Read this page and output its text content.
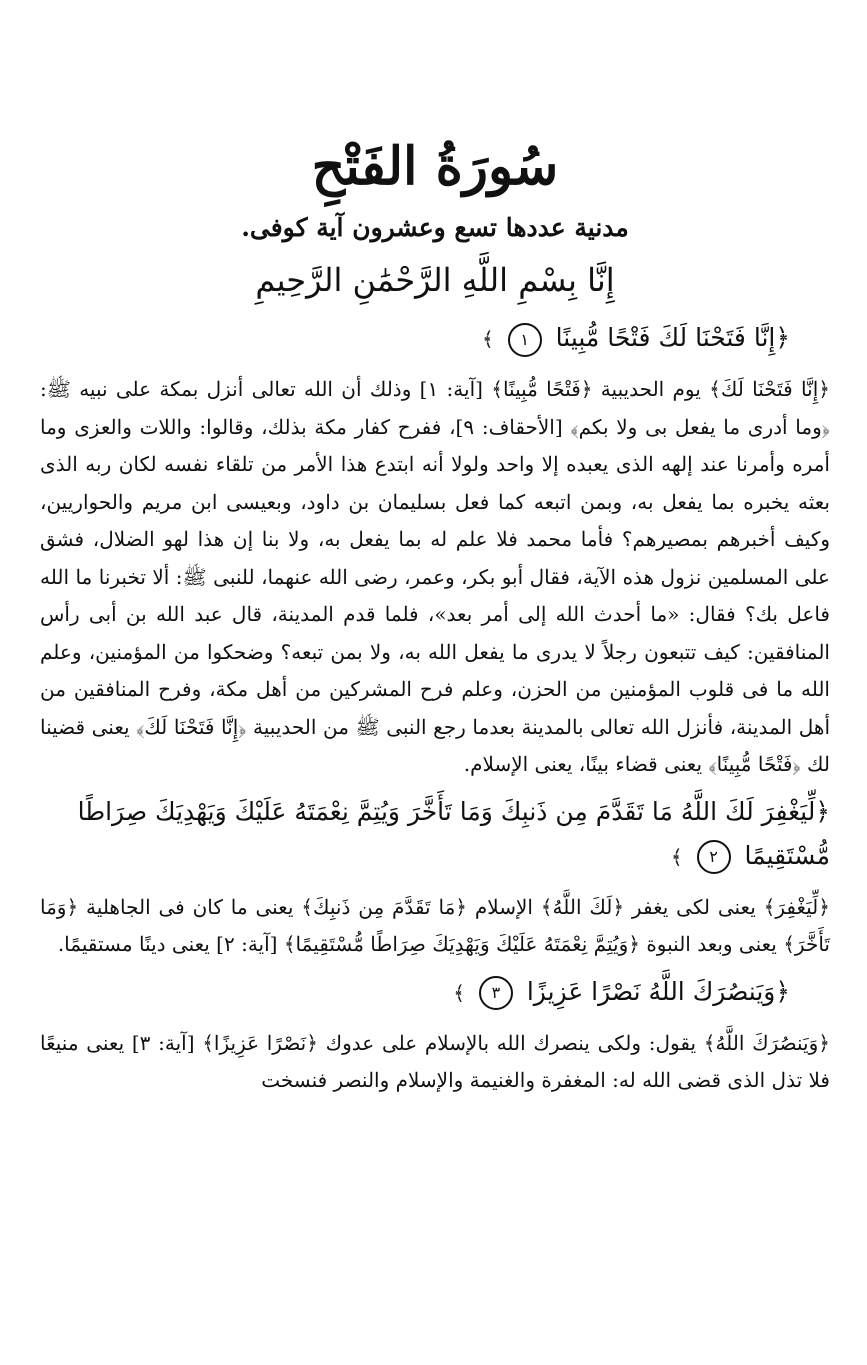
سُورَةُ الفَتْحِ
مدنية عددها تسع وعشرون آية كوفى.
إِنَّا بِسْمِ اللَّهِ الرَّحْمَٰنِ الرَّحِيمِ
﴿إِنَّا فَتَحْنَا لَكَ فَتْحًا مُّبِينًا ١ ﴾

﴿إِنَّا فَتَحْنَا لَكَ﴾ يوم الحديبية ﴿فَتْحًا مُّبِينًا﴾ [آية: ١] وذلك أن الله تعالى أنزل بمكة على نبيه ﷺ: ﴿وما أدرى ما يفعل بى ولا بكم﴾ [الأحقاف: ٩]، ففرح كفار مكة بذلك، وقالوا: واللات والعزى وما أمره وأمرنا عند إلهه الذى يعبده إلا واحد ولولا أنه ابتدع هذا الأمر من تلقاء نفسه لكان ربه الذى بعثه يخبره بما يفعل به، وبمن اتبعه كما فعل بسليمان بن داود، وبعيسى ابن مريم والحواريين، وكيف أخبرهم بمصيرهم؟ فأما محمد فلا علم له بما يفعل به، ولا بنا إن هذا لهو الضلال، فشق على المسلمين نزول هذه الآية، فقال أبو بكر، وعمر، رضى الله عنهما، للنبى ﷺ: ألا تخبرنا ما الله فاعل بك؟ فقال: «ما أحدث الله إلى أمر بعد»، فلما قدم المدينة، قال عبد الله بن أبى رأس المنافقين: كيف تتبعون رجلاً لا يدرى ما يفعل الله به، ولا بمن تبعه؟ وضحكوا من المؤمنين، وعلم الله ما فى قلوب المؤمنين من الحزن، وعلم فرح المشركين من أهل مكة، وفرح المنافقين من أهل المدينة، فأنزل الله تعالى بالمدينة بعدما رجع النبى ﷺ من الحديبية ﴿إِنَّا فَتَحْنَا لَكَ﴾ يعنى قضينا لك ﴿فَتْحًا مُّبِينًا﴾ يعنى قضاء بينًا، يعنى الإسلام.

﴿لِّيَغْفِرَ لَكَ اللَّهُ مَا تَقَدَّمَ مِن ذَنبِكَ وَمَا تَأَخَّرَ وَيُتِمَّ نِعْمَتَهُ عَلَيْكَ وَيَهْدِيَكَ صِرَاطًا مُّسْتَقِيمًا ٢ ﴾

﴿لِّيَغْفِرَ﴾ يعنى لكى يغفر ﴿لَكَ اللَّهُ﴾ الإسلام ﴿مَا تَقَدَّمَ مِن ذَنبِكَ﴾ يعنى ما كان فى الجاهلية ﴿وَمَا تَأَخَّرَ﴾ يعنى وبعد النبوة ﴿وَيُتِمَّ نِعْمَتَهُ عَلَيْكَ وَيَهْدِيَكَ صِرَاطًا مُّسْتَقِيمًا﴾ [آية: ٢] يعنى دينًا مستقيمًا.

﴿وَيَنصُرَكَ اللَّهُ نَصْرًا عَزِيزًا ٣ ﴾

﴿وَيَنصُرَكَ اللَّهُ﴾ يقول: ولكى ينصرك الله بالإسلام على عدوك ﴿نَصْرًا عَزِيزًا﴾ [آية: ٣] يعنى منيعًا فلا تذل الذى قضى الله له: المغفرة والغنيمة والإسلام والنصر فنسخت
